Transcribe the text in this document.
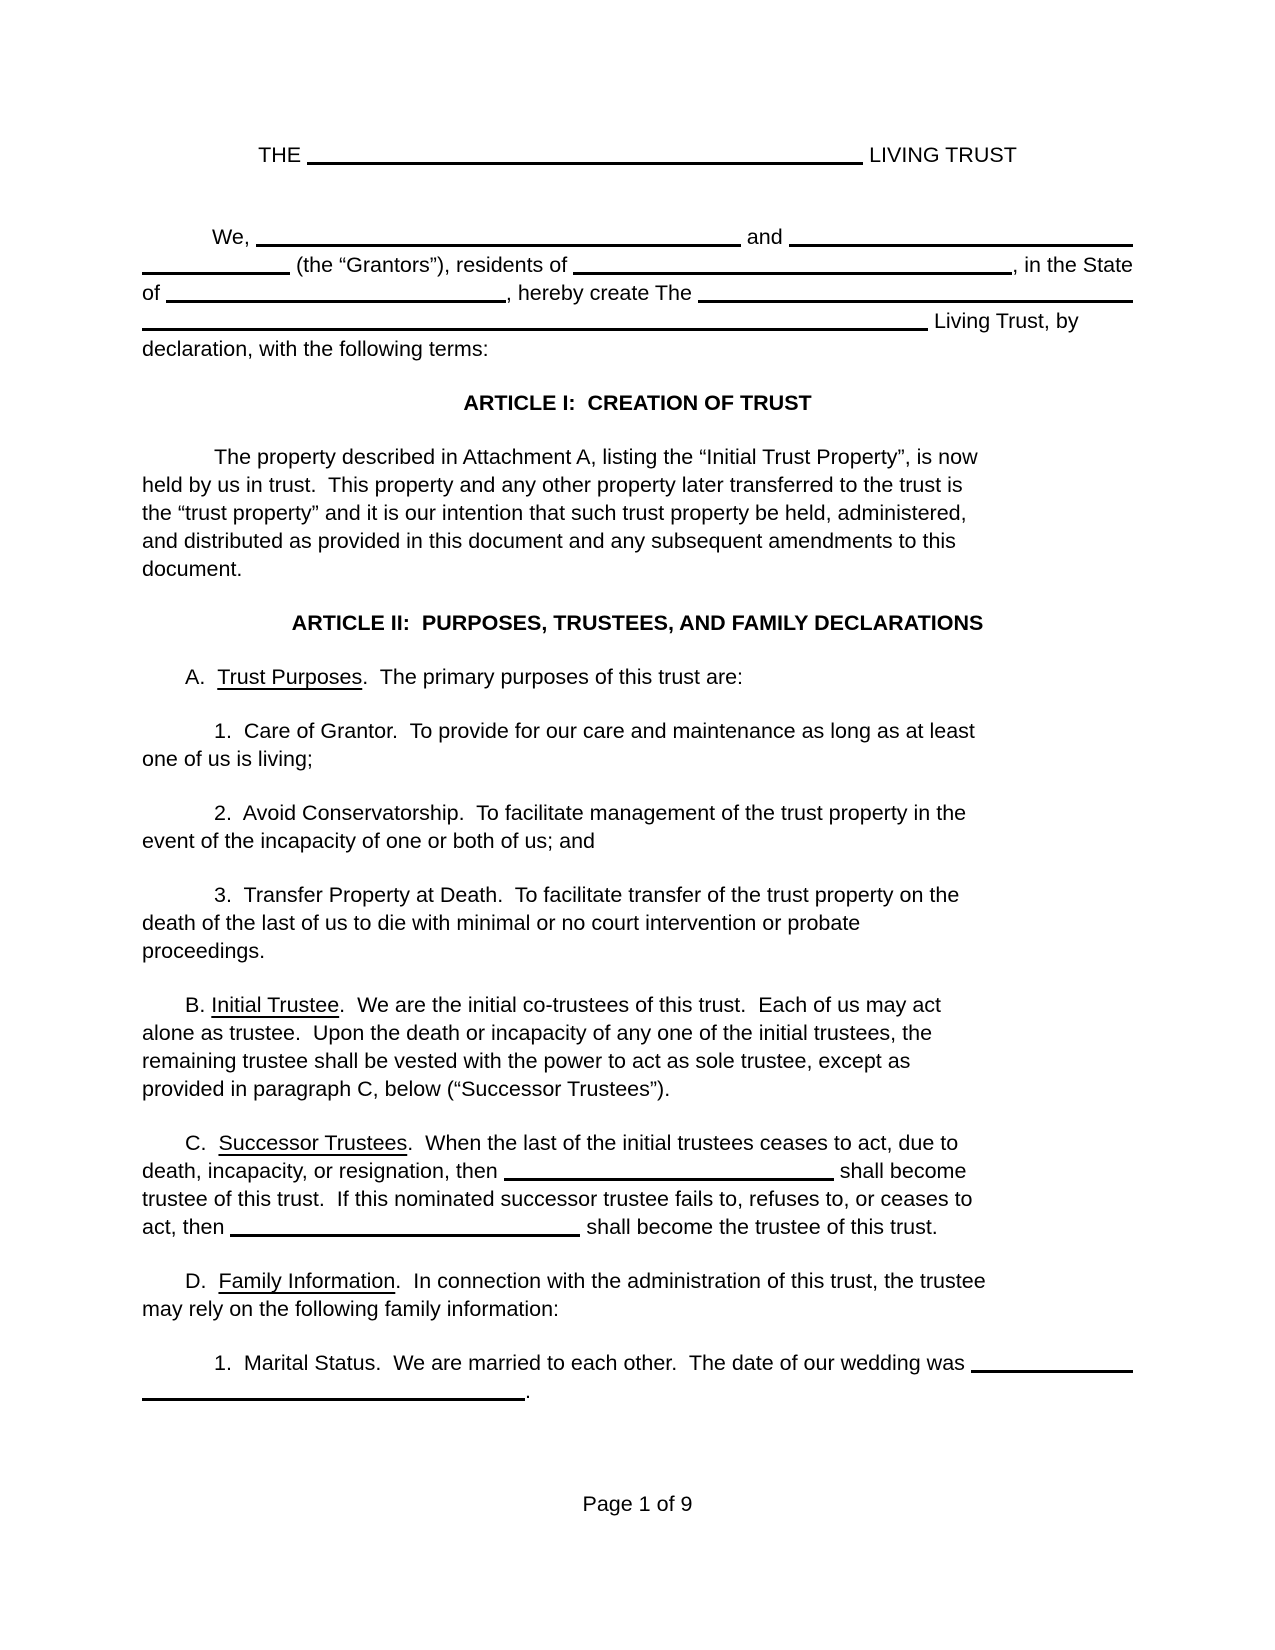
THE	LIVING TRUST
We,	and
(the “Grantors”), residents of	, in the State
of	, hereby create The
Living Trust, by
declaration, with the following terms:
ARTICLE I:  CREATION OF TRUST
The property described in Attachment A, listing the “Initial Trust Property”, is now
held by us in trust.  This property and any other property later transferred to the trust is
the “trust property” and it is our intention that such trust property be held, administered,
and distributed as provided in this document and any subsequent amendments to this
document.
ARTICLE II:  PURPOSES, TRUSTEES, AND FAMILY DECLARATIONS
A. Trust Purposes .  The primary purposes of this trust are:
1.  Care of Grantor.  To provide for our care and maintenance as long as at least
one of us is living;
2.  Avoid Conservatorship.  To facilitate management of the trust property in the
event of the incapacity of one or both of us; and
3.  Transfer Property at Death.  To facilitate transfer of the trust property on the
death of the last of us to die with minimal or no court intervention or probate
proceedings.
B. Initial Trustee .  We are the initial co-trustees of this trust.  Each of us may act
alone as trustee.  Upon the death or incapacity of any one of the initial trustees, the
remaining trustee shall be vested with the power to act as sole trustee, except as
provided in paragraph C, below (“Successor Trustees”).
C. Successor Trustees .  When the last of the initial trustees ceases to act, due to
death, incapacity, or resignation, then	shall become
trustee of this trust.  If this nominated successor trustee fails to, refuses to, or ceases to
act, then	shall become the trustee of this trust.
D. Family Information .  In connection with the administration of this trust, the trustee
may rely on the following family information:
1.  Marital Status.  We are married to each other.  The date of our wedding was
.
Page 1 of 9
